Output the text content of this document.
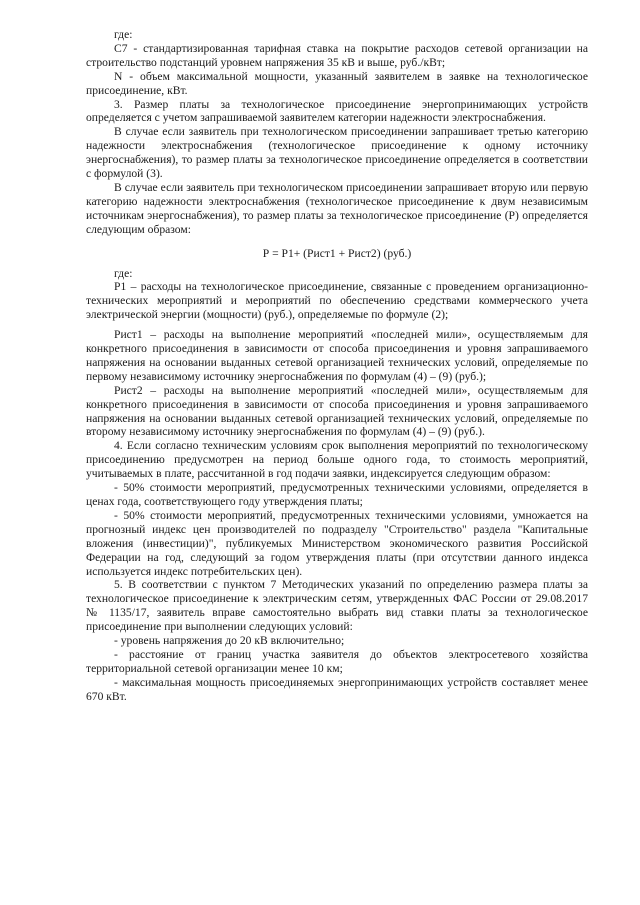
где:

С7 - стандартизированная тарифная ставка на покрытие расходов сетевой организации на строительство подстанций уровнем напряжения 35 кВ и выше, руб./кВт;

N - объем максимальной мощности, указанный заявителем в заявке на технологическое присоединение, кВт.

3. Размер платы за технологическое присоединение энергопринимающих устройств определяется с учетом запрашиваемой заявителем категории надежности электроснабжения.

В случае если заявитель при технологическом присоединении запрашивает третью категорию надежности электроснабжения (технологическое присоединение к одному источнику энергоснабжения), то размер платы за технологическое присоединение определяется в соответствии с формулой (3).

В случае если заявитель при технологическом присоединении запрашивает вторую или первую категорию надежности электроснабжения (технологическое присоединение к двум независимым источникам энергоснабжения), то размер платы за технологическое присоединение (Р) определяется следующим образом:

Р = Р1+ (Рист1 + Рист2) (руб.)

где:

Р1 – расходы на технологическое присоединение, связанные с проведением организационно-технических мероприятий и мероприятий по обеспечению средствами коммерческого учета электрической энергии (мощности) (руб.), определяемые по формуле (2);

Рист1 – расходы на выполнение мероприятий «последней мили», осуществляемым для конкретного присоединения в зависимости от способа присоединения и уровня запрашиваемого напряжения на основании выданных сетевой организацией технических условий, определяемые по первому независимому источнику энергоснабжения по формулам (4) – (9) (руб.);

Рист2 – расходы на выполнение мероприятий «последней мили», осуществляемым для конкретного присоединения в зависимости от способа присоединения и уровня запрашиваемого напряжения на основании выданных сетевой организацией технических условий, определяемые по второму независимому источнику энергоснабжения по формулам (4) – (9) (руб.).

4. Если согласно техническим условиям срок выполнения мероприятий по технологическому присоединению предусмотрен на период больше одного года, то стоимость мероприятий, учитываемых в плате, рассчитанной в год подачи заявки, индексируется следующим образом:

- 50% стоимости мероприятий, предусмотренных техническими условиями, определяется в ценах года, соответствующего году утверждения платы;

- 50% стоимости мероприятий, предусмотренных техническими условиями, умножается на прогнозный индекс цен производителей по подразделу "Строительство" раздела "Капитальные вложения (инвестиции)", публикуемых Министерством экономического развития Российской Федерации на год, следующий за годом утверждения платы (при отсутствии данного индекса используется индекс потребительских цен).

5. В соответствии с пунктом 7 Методических указаний по определению размера платы за технологическое присоединение к электрическим сетям, утвержденных ФАС России от 29.08.2017 № 1135/17, заявитель вправе самостоятельно выбрать вид ставки платы за технологическое присоединение при выполнении следующих условий:

- уровень напряжения до 20 кВ включительно;

- расстояние от границ участка заявителя до объектов электросетевого хозяйства территориальной сетевой организации менее 10 км;

- максимальная мощность присоединяемых энергопринимающих устройств составляет менее 670 кВт.
